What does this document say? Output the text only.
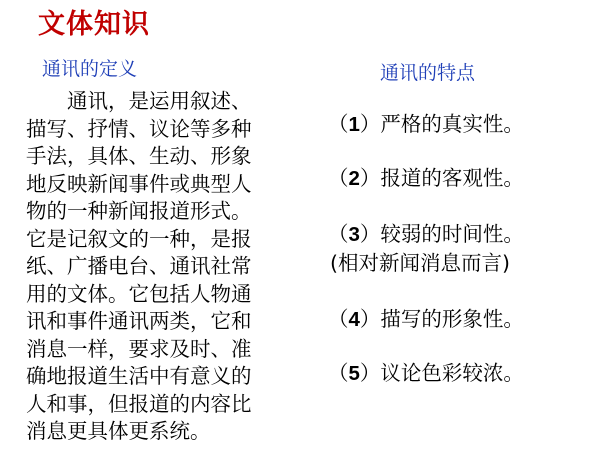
文体知识
通讯的定义
通讯，是运用叙述、
描写、抒情、议论等多种
手法，具体、生动、形象
地反映新闻事件或典型人
物的一种新闻报道形式。
它是记叙文的一种，是报
纸、广播电台、通讯社常
用的文体。它包括人物通
讯和事件通讯两类，它和
消息一样，要求及时、准
确地报道生活中有意义的
人和事，但报道的内容比
消息更具体更系统。
通讯的特点
（1）严格的真实性。
（2）报道的客观性。
（3）较弱的时间性。
(相对新闻消息而言)
（4）描写的形象性。
（5）议论色彩较浓。
